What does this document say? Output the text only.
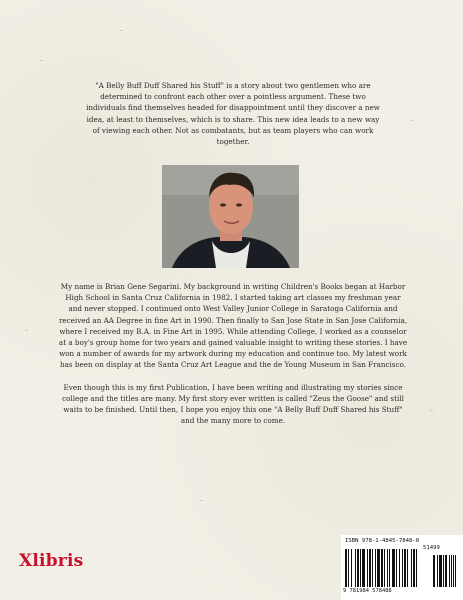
"A Belly Buff Duff Shared his Stuff" is a story about two gentlemen who are determined to confront each other over a pointless argument. These two individuals find themselves headed for disappointment until they discover a new idea, at least to themselves, which is to share. This new idea leads to a new way of viewing each other. Not as combatants, but as team players who can work together.

My name is Brian Gene Segarini. My background in writing Children's Books began at Harbor High School in Santa Cruz California in 1982. I started taking art classes my freshman year and never stopped. I continued onto West Valley Junior College in Saratoga California and received an AA Degree in fine Art in 1990. Then finally to San Jose State in San Jose California, where I received my B.A. in Fine Art in 1995. While attending College, I worked as a counselor at a boy's group home for two years and gained valuable insight to writing these stories. I have won a number of awards for my artwork during my education and continue too. My latest work has been on display at the Santa Cruz Art League and the de Young Museum in San Francisco.

Even though this is my first Publication, I have been writing and illustrating my stories since college and the titles are many. My first story ever written is called "Zeus the Goose" and still waits to be finished. Until then, I hope you enjoy this one "A Belly Buff Duff Shared his Stuff" and the many more to come.

Xlibris
ISBN 978-1-4845-7848-8
51499
9 781984 578488
